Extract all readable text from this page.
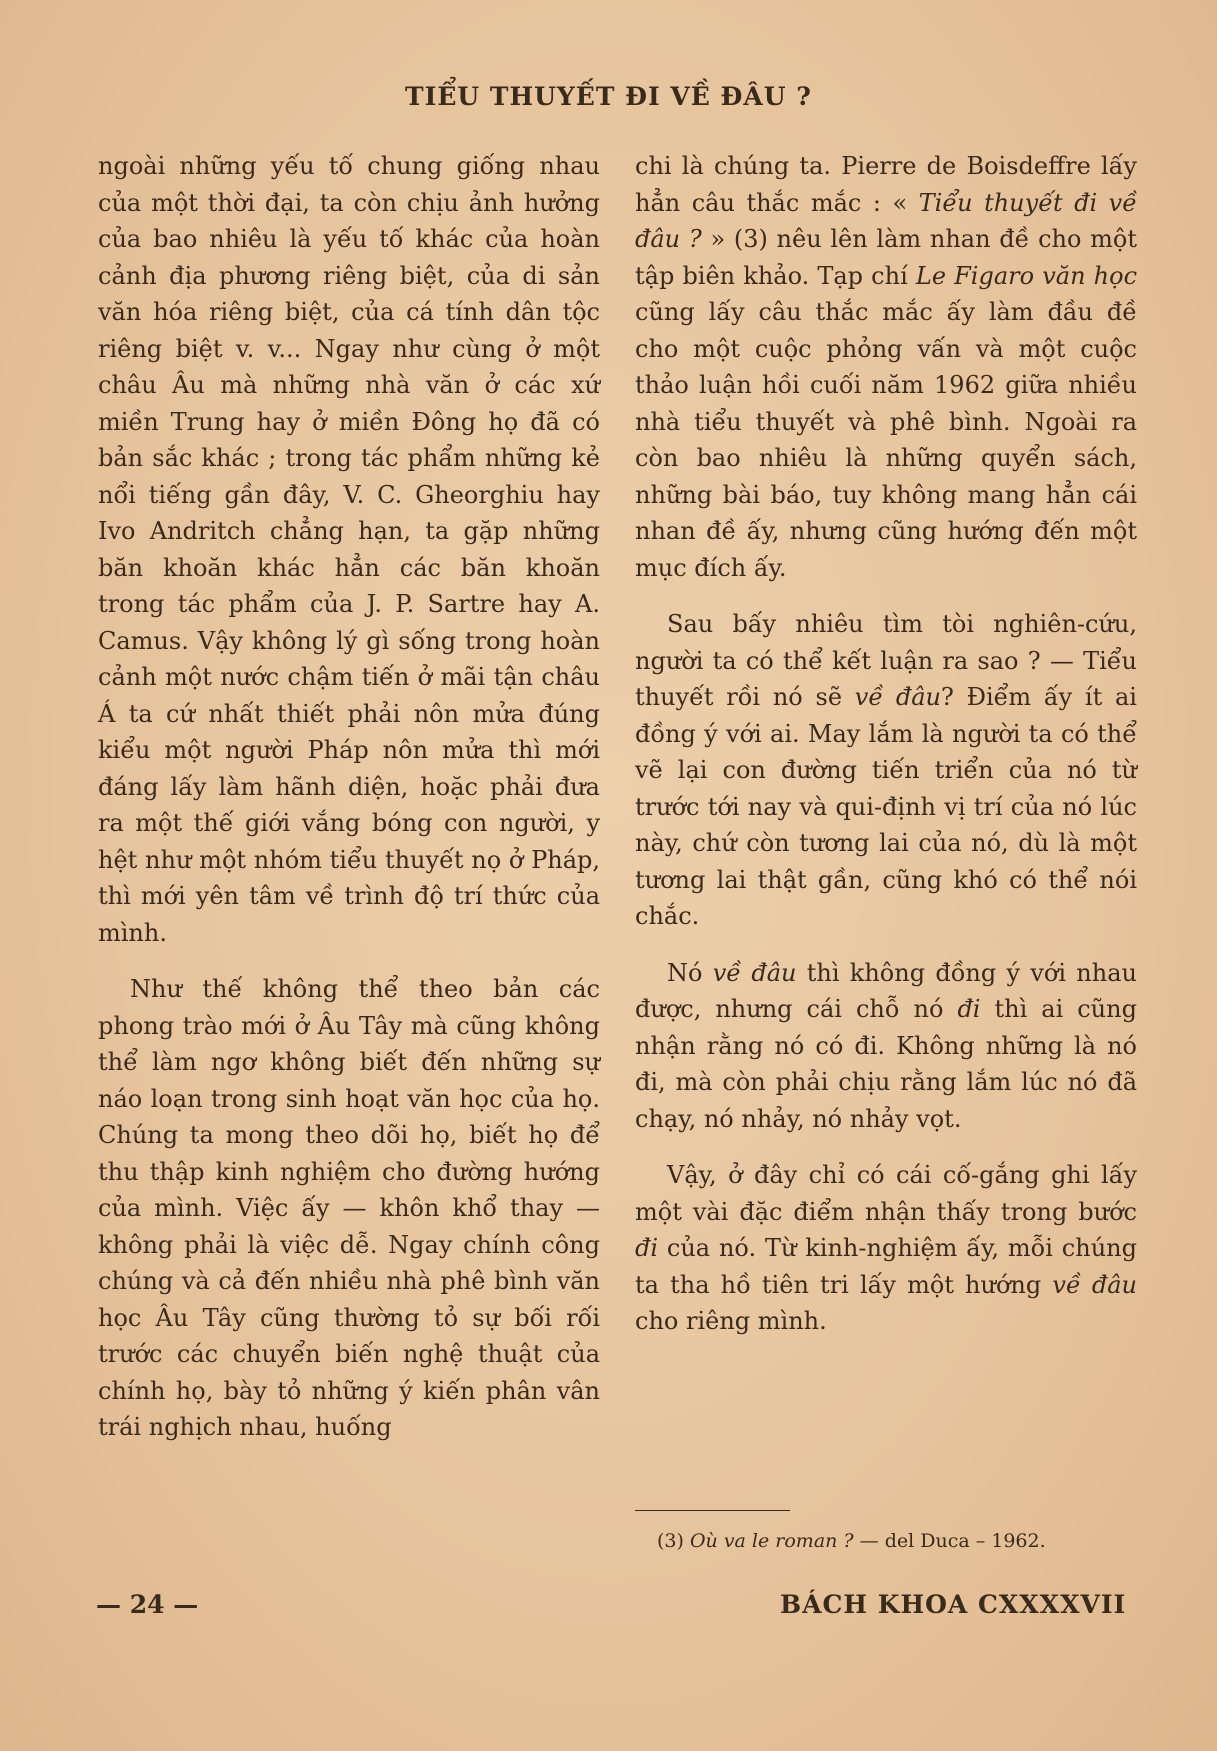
TIỂU THUYẾT ĐI VỀ ĐÂU ?

ngoài những yếu tố chung giống nhau của một thời đại, ta còn chịu ảnh hưởng của bao nhiêu là yếu tố khác của hoàn cảnh địa phương riêng biệt, của di sản văn hóa riêng biệt, của cá tính dân tộc riêng biệt v. v... Ngay như cùng ở một châu Âu mà những nhà văn ở các xứ miền Trung hay ở miền Đông họ đã có bản sắc khác ; trong tác phẩm những kẻ nổi tiếng gần đây, V. C. Gheorghiu hay Ivo Andritch chẳng hạn, ta gặp những băn khoăn khác hẳn các băn khoăn trong tác phẩm của J. P. Sartre hay A. Camus. Vậy không lý gì sống trong hoàn cảnh một nước chậm tiến ở mãi tận châu Á ta cứ nhất thiết phải nôn mửa đúng kiểu một người Pháp nôn mửa thì mới đáng lấy làm hãnh diện, hoặc phải đưa ra một thế giới vắng bóng con người, y hệt như một nhóm tiểu thuyết nọ ở Pháp, thì mới yên tâm về trình độ trí thức của mình.

Như thế không thể theo bản các phong trào mới ở Âu Tây mà cũng không thể làm ngơ không biết đến những sự náo loạn trong sinh hoạt văn học của họ. Chúng ta mong theo dõi họ, biết họ để thu thập kinh nghiệm cho đường hướng của mình. Việc ấy — khôn khổ thay — không phải là việc dễ. Ngay chính công chúng và cả đến nhiều nhà phê bình văn học Âu Tây cũng thường tỏ sự bối rối trước các chuyển biến nghệ thuật của chính họ, bày tỏ những ý kiến phân vân trái nghịch nhau, huống

chi là chúng ta. Pierre de Boisdeffre lấy hẳn câu thắc mắc : « Tiểu thuyết đi về đâu ? » (3) nêu lên làm nhan đề cho một tập biên khảo. Tạp chí Le Figaro văn học cũng lấy câu thắc mắc ấy làm đầu đề cho một cuộc phỏng vấn và một cuộc thảo luận hồi cuối năm 1962 giữa nhiều nhà tiểu thuyết và phê bình. Ngoài ra còn bao nhiêu là những quyển sách, những bài báo, tuy không mang hẳn cái nhan đề ấy, nhưng cũng hướng đến một mục đích ấy.

Sau bấy nhiêu tìm tòi nghiên-cứu, người ta có thể kết luận ra sao ? — Tiểu thuyết rồi nó sẽ về đâu? Điểm ấy ít ai đồng ý với ai. May lắm là người ta có thể vẽ lại con đường tiến triển của nó từ trước tới nay và qui-định vị trí của nó lúc này, chứ còn tương lai của nó, dù là một tương lai thật gần, cũng khó có thể nói chắc.

Nó về đâu thì không đồng ý với nhau được, nhưng cái chỗ nó đi thì ai cũng nhận rằng nó có đi. Không những là nó đi, mà còn phải chịu rằng lắm lúc nó đã chạy, nó nhảy, nó nhảy vọt.

Vậy, ở đây chỉ có cái cố-gắng ghi lấy một vài đặc điểm nhận thấy trong bước đi của nó. Từ kinh-nghiệm ấy, mỗi chúng ta tha hồ tiên tri lấy một hướng về đâu cho riêng mình.

(3) Où va le roman ? — del Duca – 1962.
— 24 —	BÁCH KHOA CXXXXVII
